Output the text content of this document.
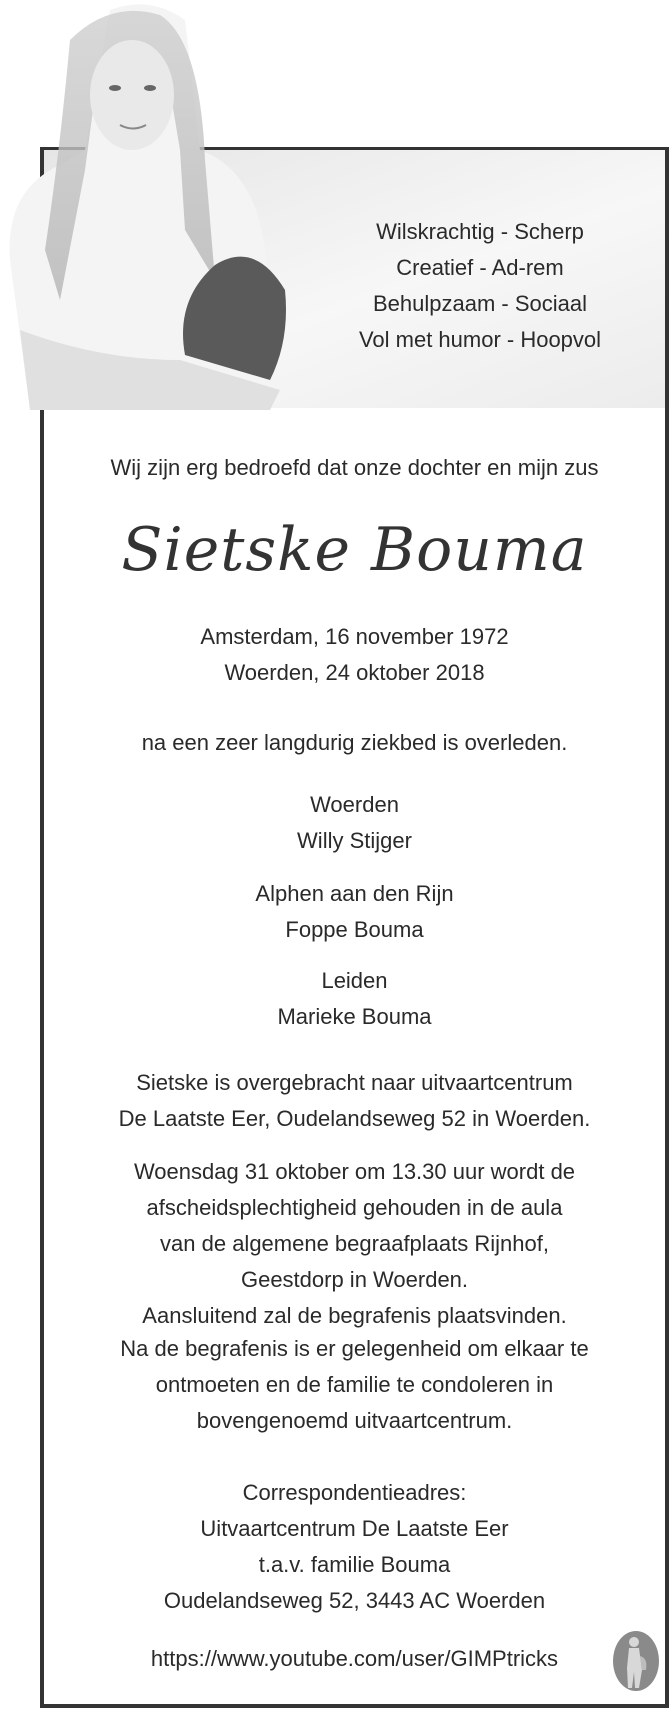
Wilskrachtig - Scherp
Creatief - Ad-rem
Behulpzaam - Sociaal
Vol met humor - Hoopvol
Wij zijn erg bedroefd dat onze dochter en mijn zus
Sietske Bouma
Amsterdam, 16 november 1972
Woerden, 24 oktober 2018
na een zeer langdurig ziekbed is overleden.
Woerden
Willy Stijger
Alphen aan den Rijn
Foppe Bouma
Leiden
Marieke Bouma
Sietske is overgebracht naar uitvaartcentrum
De Laatste Eer, Oudelandseweg 52 in Woerden.
Woensdag 31 oktober om 13.30 uur wordt de
afscheidsplechtigheid gehouden in de aula
van de algemene begraafplaats Rijnhof,
Geestdorp in Woerden.
Aansluitend zal de begrafenis plaatsvinden.
Na de begrafenis is er gelegenheid om elkaar te
ontmoeten en de familie te condoleren in
bovengenoemd uitvaartcentrum.
Correspondentieadres:
Uitvaartcentrum De Laatste Eer
t.a.v. familie Bouma
Oudelandseweg 52, 3443 AC Woerden
https://www.youtube.com/user/GIMPtricks
